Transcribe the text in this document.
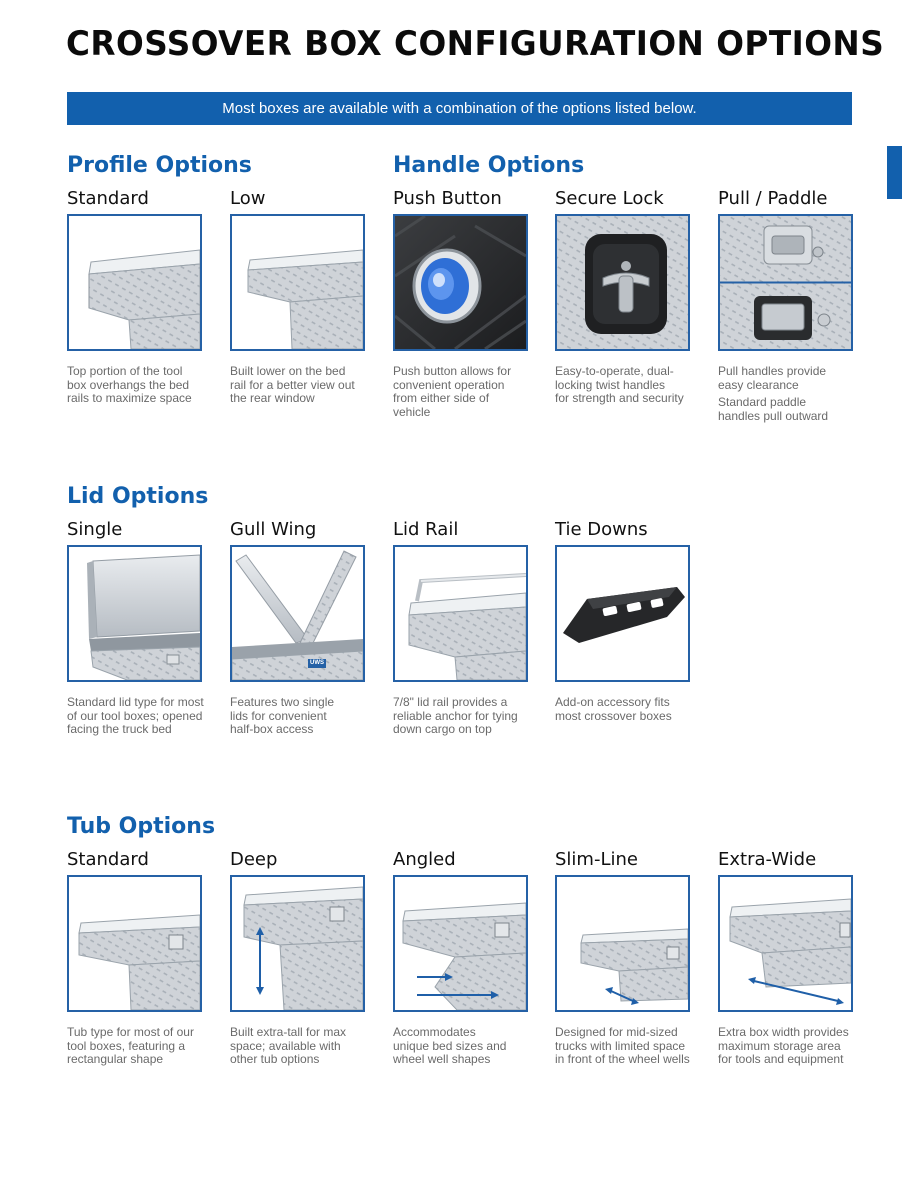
CROSSOVER BOX CONFIGURATION OPTIONS
Most boxes are available with a combination of the options listed below.
Profile Options	Handle Options
Lid Options
Tub Options
Standard
Top portion of the tool
box overhangs the bed
rails to maximize space
Low
Built lower on the bed
rail for a better view out
the rear window
Push Button
Push button allows for
convenient operation
from either side of
vehicle
Secure Lock
Easy-to-operate, dual-
locking twist handles
for strength and security
Pull / Paddle
Pull handles provide
easy clearance
Standard paddle
handles pull outward
Single
Standard lid type for most
of our tool boxes; opened
facing the truck bed
Gull Wing
UWS
Features two single
lids for convenient
half-box access
Lid Rail
7/8" lid rail provides a
reliable anchor for tying
down cargo on top
Tie Downs
Add-on accessory fits
most crossover boxes
Standard
Tub type for most of our
tool boxes, featuring a
rectangular shape
Deep
Built extra-tall for max
space; available with
other tub options
Angled
Accommodates
unique bed sizes and
wheel well shapes
Slim-Line
Designed for mid-sized
trucks with limited space
in front of the wheel wells
Extra-Wide
Extra box width provides
maximum storage area
for tools and equipment
